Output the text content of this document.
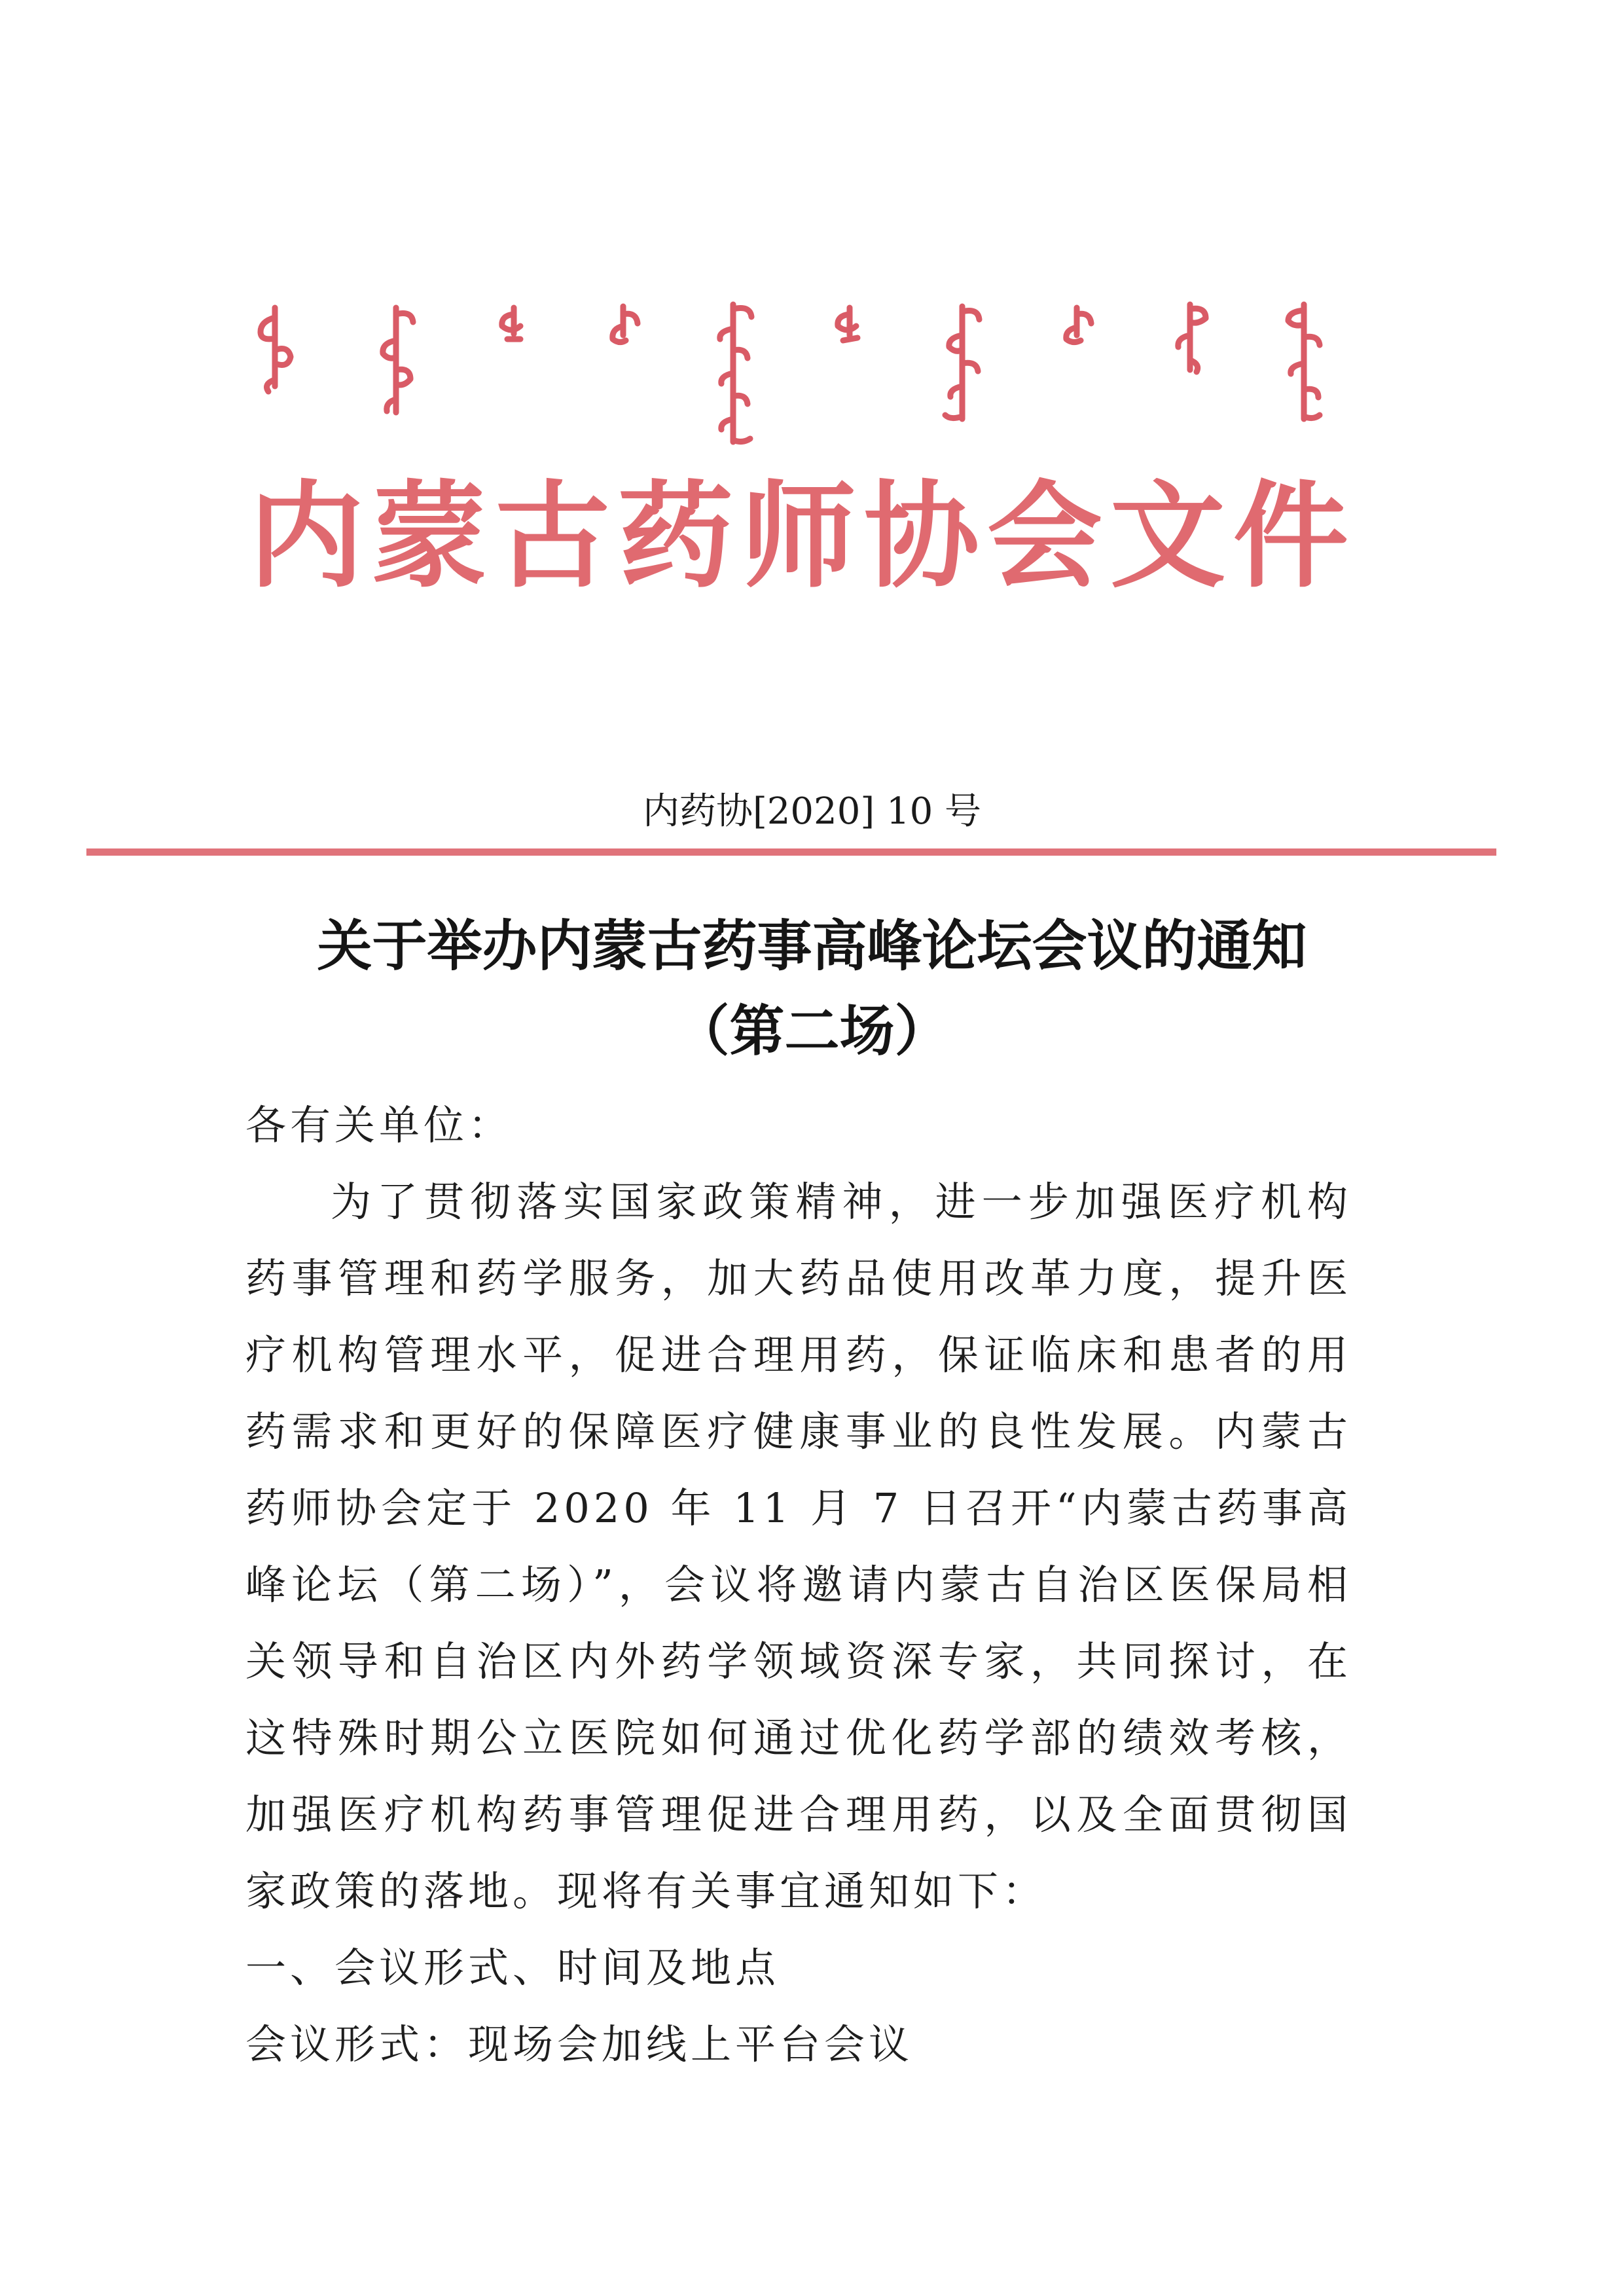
内 蒙 古 药 师 协 会 文 件
内药协[2020] 10 号
关于举办内蒙古药事高峰论坛会议的通知
（第二场）

各有关单位：

为了贯彻落实国家政策精神，进一步加强医疗机构药事管理和药学服务，加大药品使用改革力度，提升医疗机构管理水平，促进合理用药，保证临床和患者的用药需求和更好的保障医疗健康事业的良性发展。内蒙古药师协会定于 2020 年 11 月 7 日召开“内蒙古药事高峰论坛（第二场）”，会议将邀请内蒙古自治区医保局相关领导和自治区内外药学领域资深专家，共同探讨，在这特殊时期公立医院如何通过优化药学部的绩效考核，加强医疗机构药事管理促进合理用药，以及全面贯彻国家政策的落地。现将有关事宜通知如下：

一、会议形式、时间及地点

会议形式：现场会加线上平台会议
